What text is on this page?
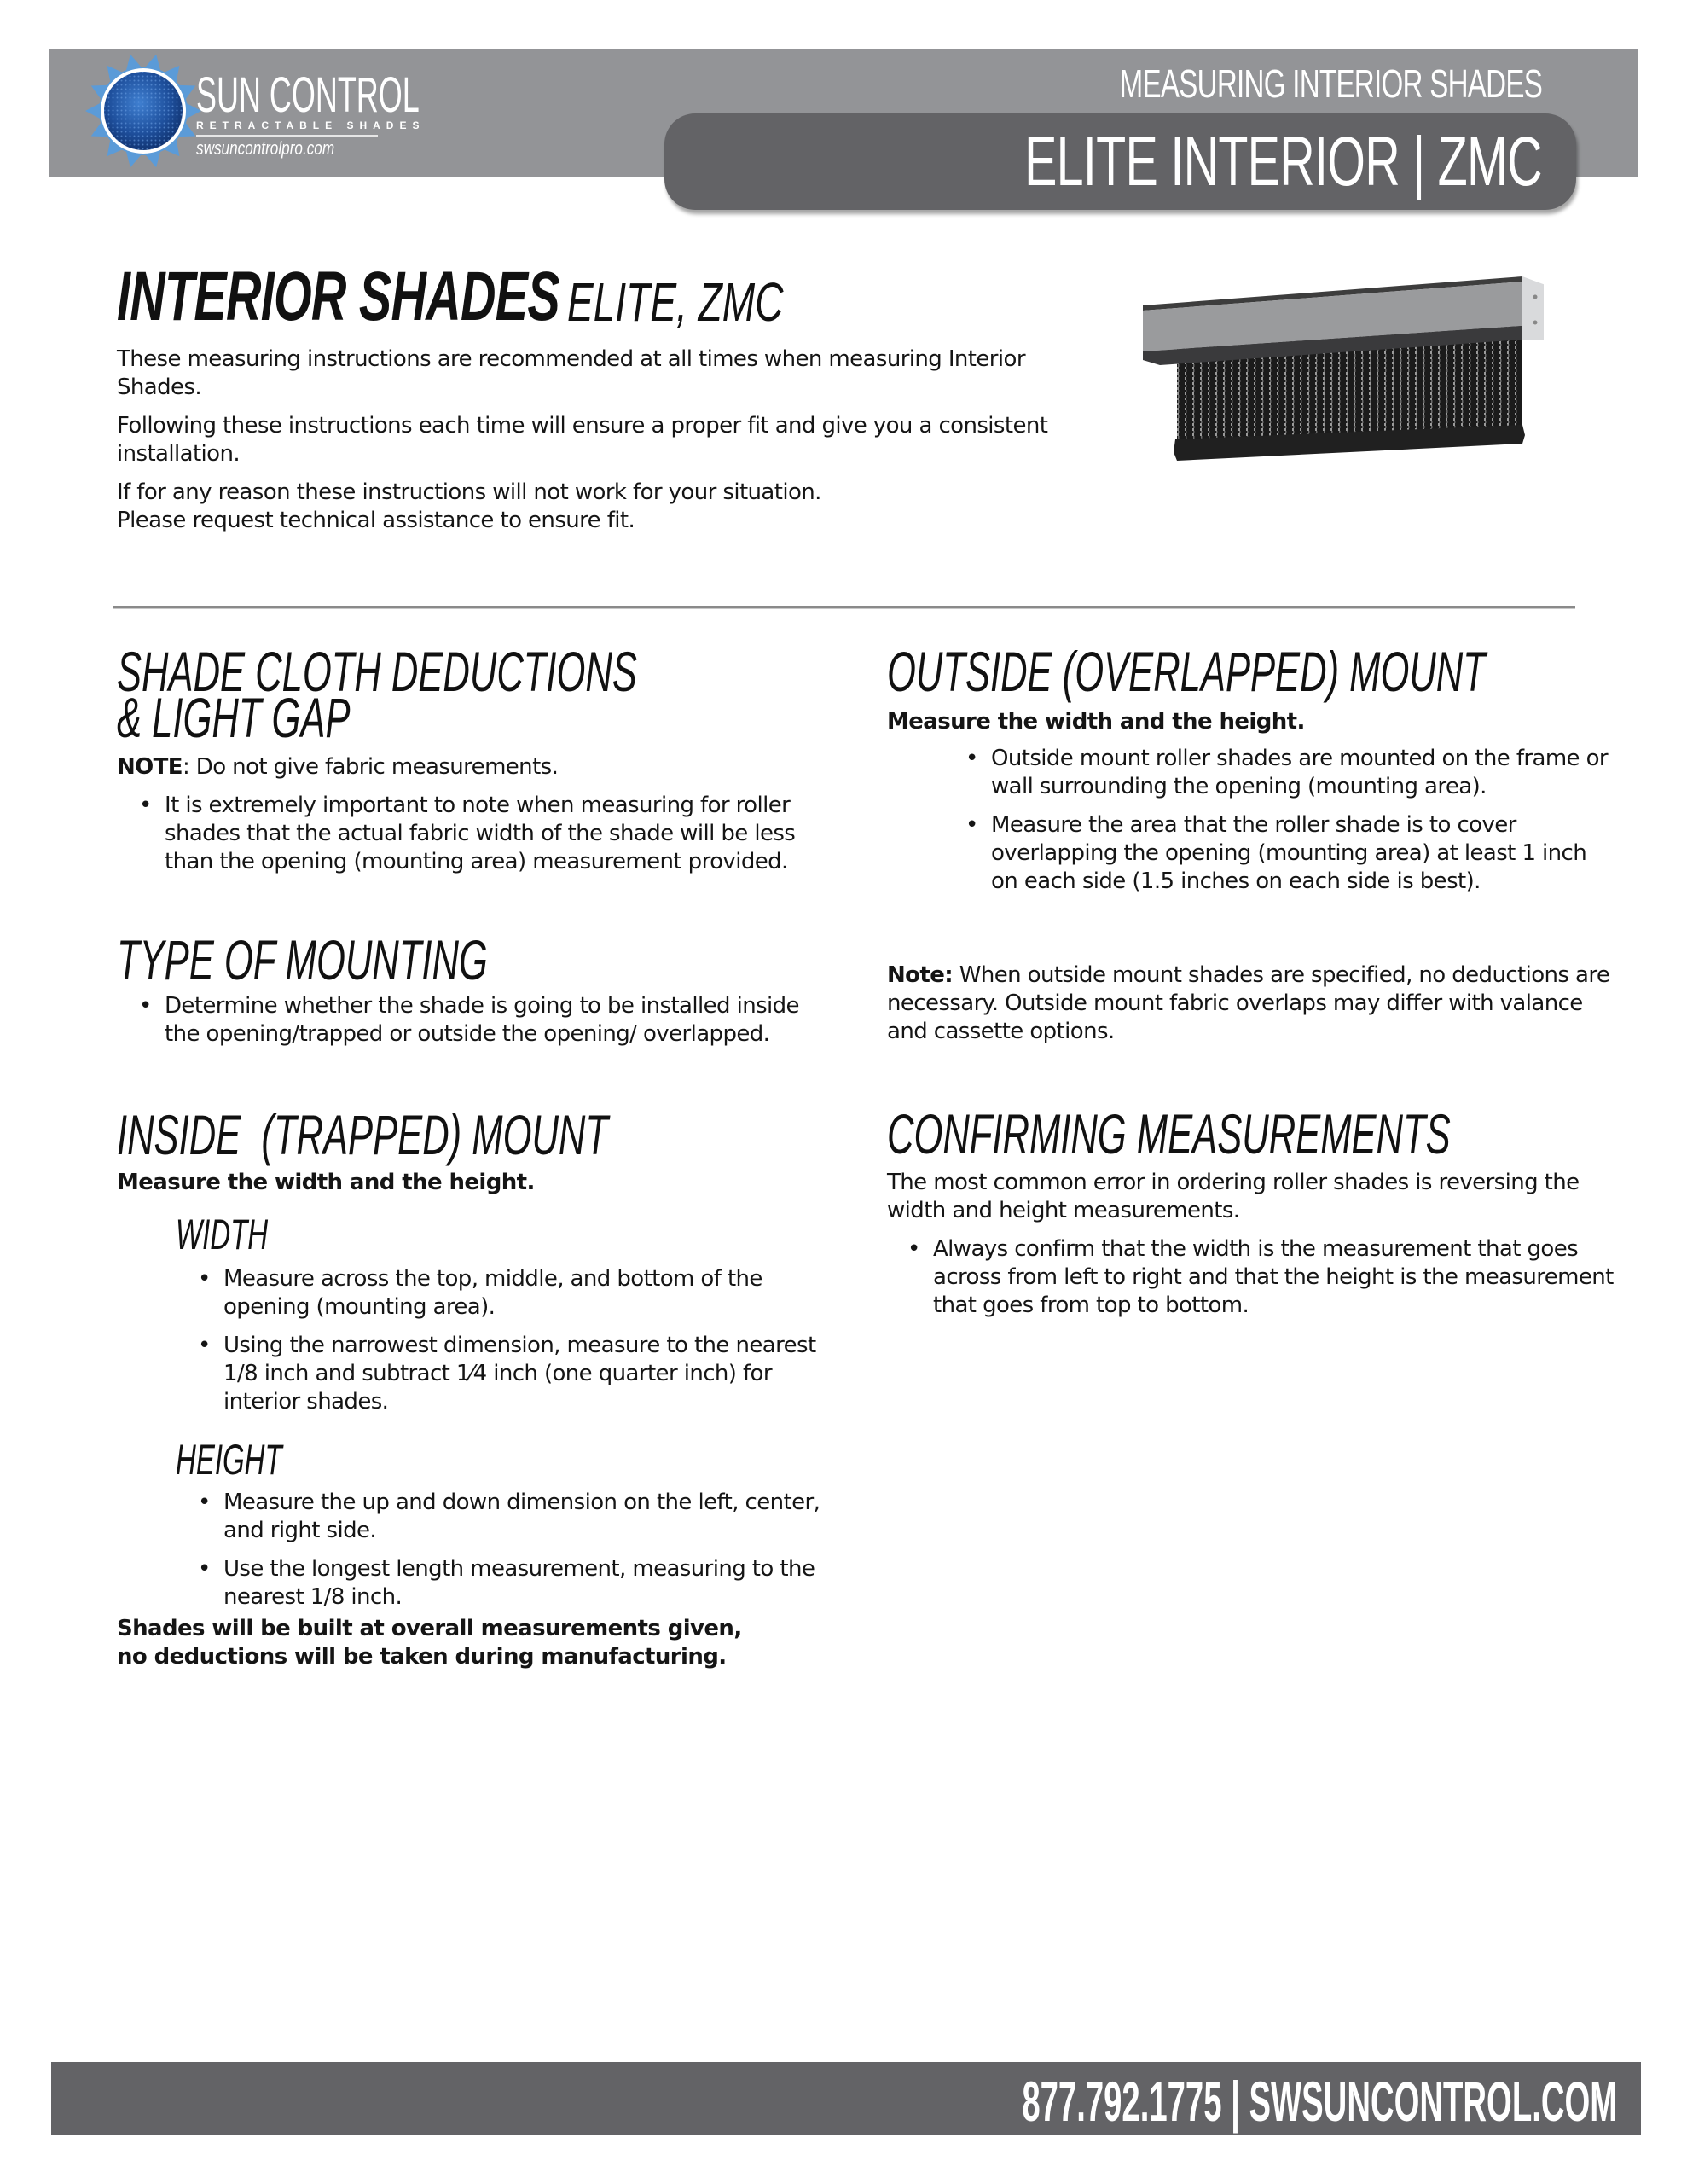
SUN CONTROL
RETRACTABLE SHADES
swsuncontrolpro.com
MEASURING INTERIOR SHADES
ELITE INTERIOR | ZMC
INTERIOR SHADES ELITE, ZMC

These measuring instructions are recommended at all times when measuring Interior Shades.

Following these instructions each time will ensure a proper fit and give you a consistent installation.

If for any reason these instructions will not work for your situation.

Please request technical assistance to ensure fit.

SHADE CLOTH DEDUCTIONS
& LIGHT GAP
NOTE: Do not give fabric measurements.
• It is extremely important to note when measuring for roller shades that the actual fabric width of the shade will be less than the opening (mounting area) measurement provided.
TYPE OF MOUNTING
• Determine whether the shade is going to be installed inside the opening/trapped or outside the opening/ overlapped.
INSIDE  (TRAPPED) MOUNT
Measure the width and the height.
WIDTH
• Measure across the top, middle, and bottom of the opening (mounting area).
• Using the narrowest dimension, measure to the nearest 1/8 inch and subtract 1⁄4 inch (one quarter inch) for interior shades.
HEIGHT
• Measure the up and down dimension on the left, center, and right side.
• Use the longest length measurement, measuring to the nearest 1/8 inch.
Shades will be built at overall measurements given,
no deductions will be taken during manufacturing.
OUTSIDE (OVERLAPPED) MOUNT
Measure the width and the height.
• Outside mount roller shades are mounted on the frame or wall surrounding the opening (mounting area).
• Measure the area that the roller shade is to cover overlapping the opening (mounting area) at least 1 inch on each side (1.5 inches on each side is best).
Note: When outside mount shades are specified, no deductions are necessary. Outside mount fabric overlaps may differ with valance and cassette options.
CONFIRMING MEASUREMENTS
The most common error in ordering roller shades is reversing the width and height measurements.
• Always confirm that the width is the measurement that goes across from left to right and that the height is the measurement that goes from top to bottom.
877.792.1775 | SWSUNCONTROL.COM
